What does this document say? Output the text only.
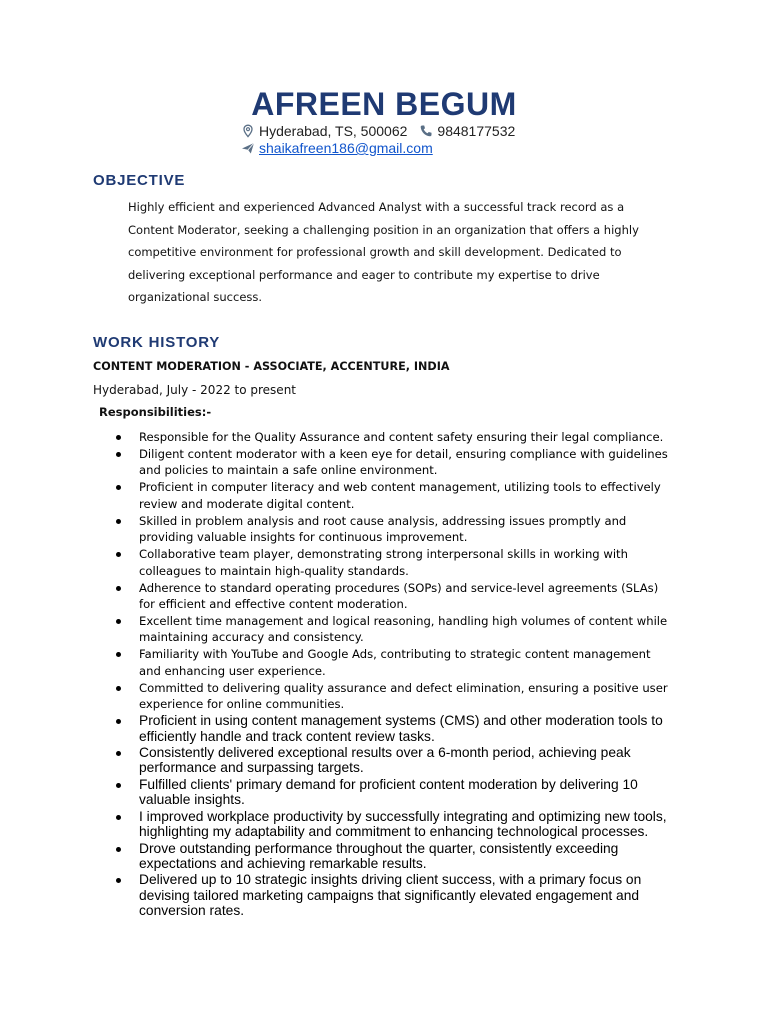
AFREEN BEGUM
Hyderabad, TS, 500062 9848177532
shaikafreen186@gmail.com
OBJECTIVE
Highly efficient and experienced Advanced Analyst with a successful track record as a Content Moderator, seeking a challenging position in an organization that offers a highly competitive environment for professional growth and skill development. Dedicated to delivering exceptional performance and eager to contribute my expertise to drive organizational success.
WORK HISTORY
CONTENT MODERATION - ASSOCIATE, ACCENTURE, INDIA
Hyderabad, July - 2022 to present
Responsibilities:-
Responsible for the Quality Assurance and content safety ensuring their legal compliance.
Diligent content moderator with a keen eye for detail, ensuring compliance with guidelines and policies to maintain a safe online environment.
Proficient in computer literacy and web content management, utilizing tools to effectively review and moderate digital content.
Skilled in problem analysis and root cause analysis, addressing issues promptly and providing valuable insights for continuous improvement.
Collaborative team player, demonstrating strong interpersonal skills in working with colleagues to maintain high-quality standards.
Adherence to standard operating procedures (SOPs) and service-level agreements (SLAs) for efficient and effective content moderation.
Excellent time management and logical reasoning, handling high volumes of content while maintaining accuracy and consistency.
Familiarity with YouTube and Google Ads, contributing to strategic content management and enhancing user experience.
Committed to delivering quality assurance and defect elimination, ensuring a positive user experience for online communities.
Proficient in using content management systems (CMS) and other moderation tools to efficiently handle and track content review tasks.
Consistently delivered exceptional results over a 6-month period, achieving peak performance and surpassing targets.
Fulfilled clients' primary demand for proficient content moderation by delivering 10 valuable insights.
I improved workplace productivity by successfully integrating and optimizing new tools, highlighting my adaptability and commitment to enhancing technological processes.
Drove outstanding performance throughout the quarter, consistently exceeding expectations and achieving remarkable results.
Delivered up to 10 strategic insights driving client success, with a primary focus on devising tailored marketing campaigns that significantly elevated engagement and conversion rates.
